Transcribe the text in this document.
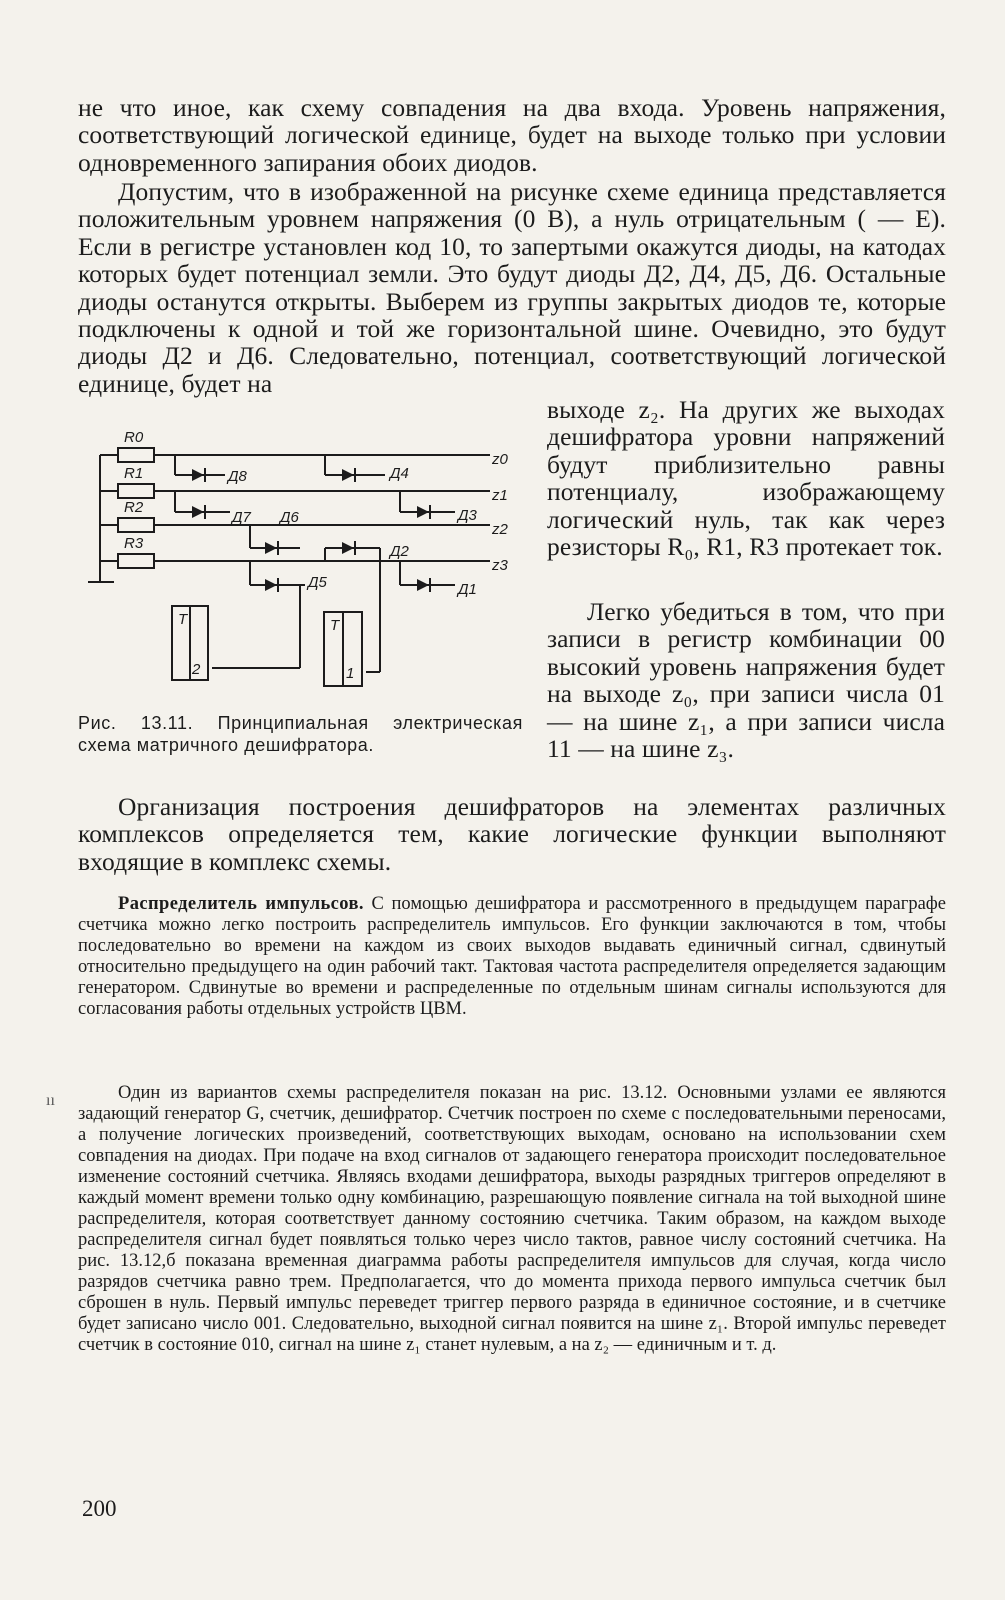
не что иное, как схему совпадения на два входа. Уровень напряжения, соответствующий логической единице, будет на выходе только при условии одновременного запирания обоих диодов.

Допустим, что в изображенной на рисунке схеме единица представляется положительным уровнем напряжения (0 В), а нуль отрицательным ( — E). Если в регистре установлен код 10, то запертыми окажутся диоды, на катодах которых будет потенциал земли. Это будут диоды Д2, Д4, Д5, Д6. Остальные диоды останутся открыты. Выберем из группы закрытых диодов те, которые подключены к одной и той же горизонтальной шине. Очевидно, это будут диоды Д2 и Д6. Следовательно, потенциал, соответствующий логической единице, будет на

R0
R1
R2
R3
z0
z1
z2
z3
Д8	Д4
Д7 Д6	Д3
Д2
Д5	Д1
T
2
T
1

выходе z₂. На других же выходах дешифратора уровни напряжений будут приблизительно равны потенциалу, изображающему логический нуль, так как через резисторы R₀, R1, R3 протекает ток.

Легко убедиться в том, что при записи в регистр комбинации 00 высокий уровень напряжения будет на выходе z₀, при записи числа 01 — на шине z₁, а при записи числа 11 — на шине z₃.

Рис. 13.11. Принципиальная электрическая схема матричного дешифратора.

Организация построения дешифраторов на элементах различных комплексов определяется тем, какие логические функции выполняют входящие в комплекс схемы.

Распределитель импульсов. С помощью дешифратора и рассмотренного в предыдущем параграфе счетчика можно легко построить распределитель импульсов. Его функции заключаются в том, чтобы последовательно во времени на каждом из своих выходов выдавать единичный сигнал, сдвинутый относительно предыдущего на один рабочий такт. Тактовая частота распределителя определяется задающим генератором. Сдвинутые во времени и распределенные по отдельным шинам сигналы используются для согласования работы отдельных устройств ЦВМ.

ıı	Один из вариантов схемы распределителя показан на рис. 13.12. Основными узлами ее являются задающий генератор G, счетчик, дешифратор. Счетчик построен по схеме с последовательными переносами, а получение логических произведений, соответствующих выходам, основано на использовании схем совпадения на диодах. При подаче на вход сигналов от задающего генератора происходит последовательное изменение состояний счетчика. Являясь входами дешифратора, выходы разрядных триггеров определяют в каждый момент времени только одну комбинацию, разрешающую появление сигнала на той выходной шине распределителя, которая соответствует данному состоянию счетчика. Таким образом, на каждом выходе распределителя сигнал будет появляться только через число тактов, равное числу состояний счетчика. На рис. 13.12,б показана временная диаграмма работы распределителя импульсов для случая, когда число разрядов счетчика равно трем. Предполагается, что до момента прихода первого импульса счетчик был сброшен в нуль. Первый импульс переведет триггер первого разряда в единичное состояние, и в счетчике будет записано число 001. Следовательно, выходной сигнал появится на шине z₁. Второй импульс переведет счетчик в состояние 010, сигнал на шине z₁ станет нулевым, а на z₂ — единичным и т. д.

200
